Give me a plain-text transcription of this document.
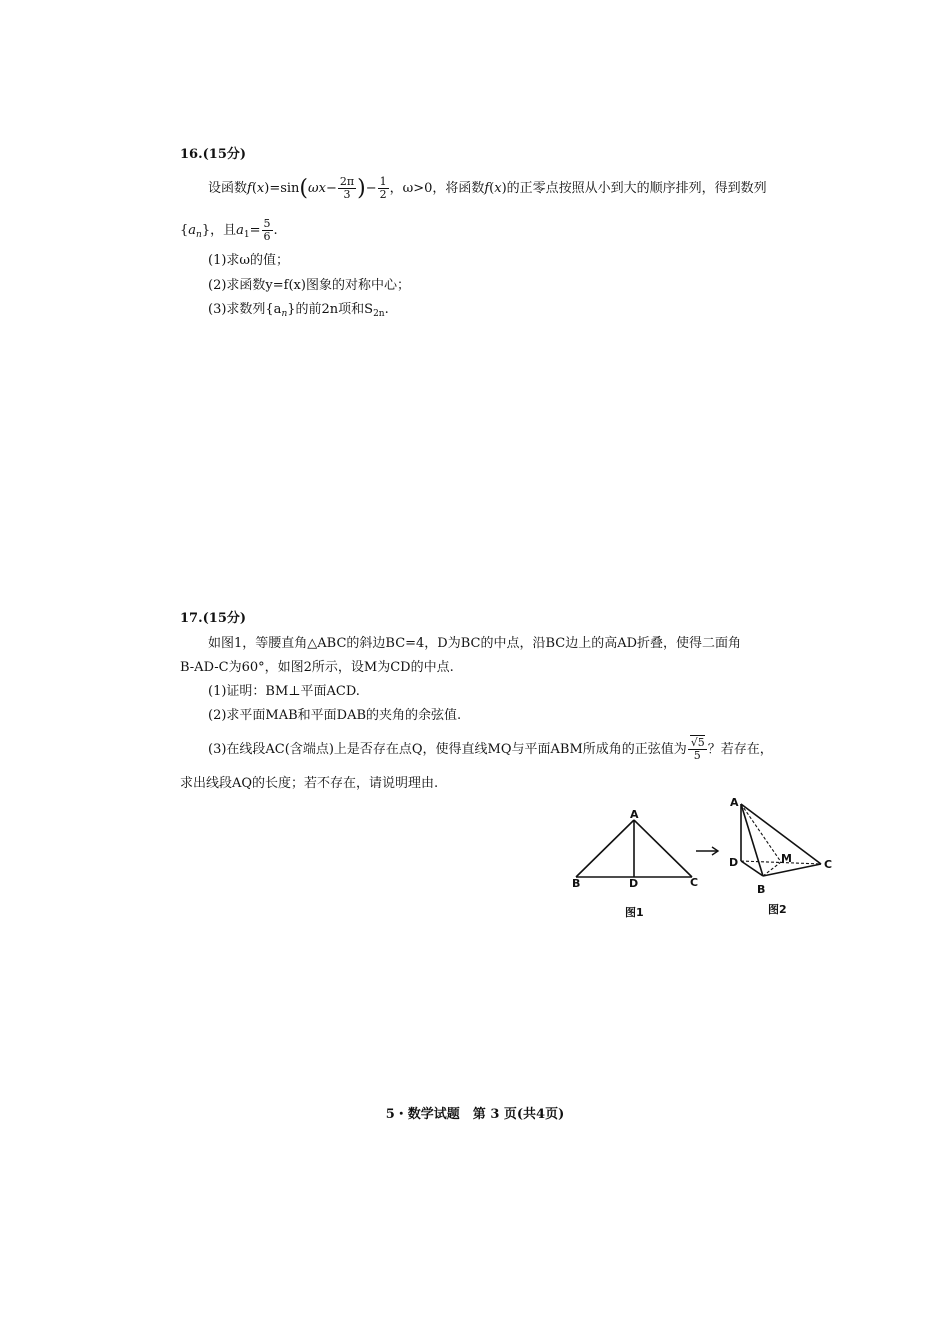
16.(15分)
设函数$f(x)=\sin(\omega x- \frac{2\pi}{3}$ )− $\frac{1}{2}$ ，ω>0，将函数f(x)的正零点按照从小到大的顺序排列，得到数列
$\{a_n\}$，且$a_1= \frac{5}{6}$ .
(1)求ω的值；
(2)求函数y=f(x)图象的对称中心；
(3)求数列$\{a_n\}$的前2n项和$S_{2n}$.
17.(15分)
如图1，等腰直角△ABC的斜边BC=4，D为BC的中点，沿BC边上的高AD折叠，使得二面角
B-AD-C为60°，如图2所示，设M为CD的中点.
(1)证明：BM⊥平面ACD.
(2)求平面MAB和平面DAB的夹角的余弦值.
(3)在线段AC(含端点)上是否存在点Q，使得直线MQ与平面ABM所成角的正弦值为 $\frac{√5}{5}$ ？若存在，
求出线段AQ的长度；若不存在，请说明理由.
A
B	D	C
图1
A
D	M	C
B
图2
5・数学试题　第 3 页(共4页)
